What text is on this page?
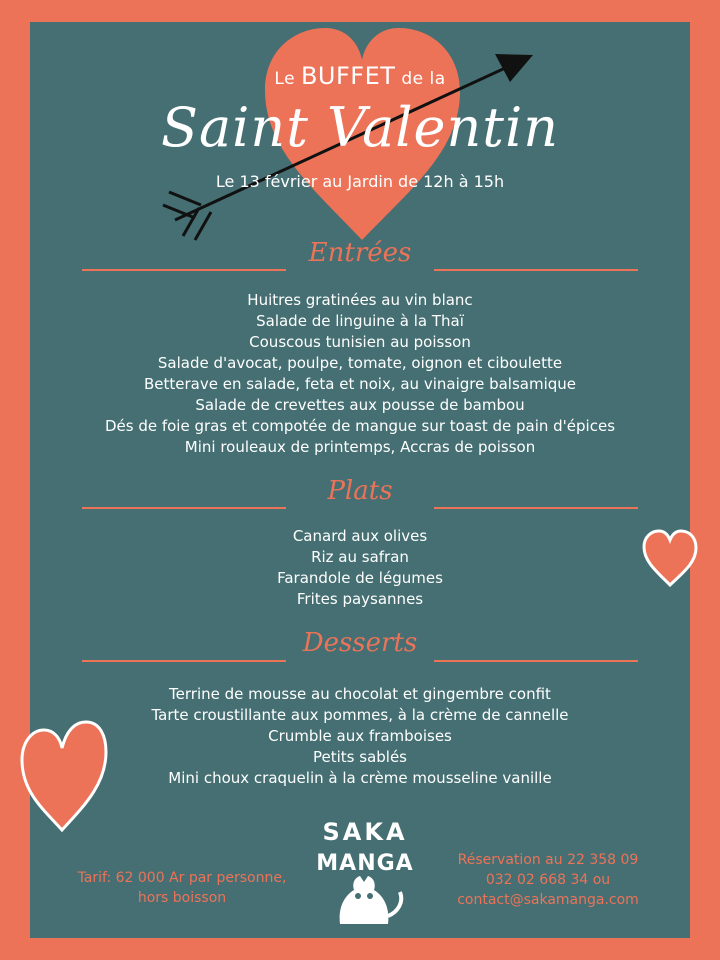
Le BUFFET de la
Saint Valentin
Le 13 février au Jardin de 12h à 15h
Entrées
Huitres gratinées au vin blanc
Salade de linguine à la Thaï
Couscous tunisien au poisson
Salade d'avocat, poulpe, tomate, oignon et ciboulette
Betterave en salade, feta et noix, au vinaigre balsamique
Salade de crevettes aux pousse de bambou
Dés de foie gras et compotée de mangue sur toast de pain d'épices
Mini rouleaux de printemps, Accras de poisson
Plats
Canard aux olives
Riz au safran
Farandole de légumes
Frites paysannes
Desserts
Terrine de mousse au chocolat et gingembre confit
Tarte croustillante aux pommes, à la crème de cannelle
Crumble aux framboises
Petits sablés
Mini choux craquelin à la crème mousseline vanille
Tarif: 62 000 Ar par personne,
hors boisson
Réservation au 22 358 09
032 02 668 34 ou
contact@sakamanga.com
SAKA
MANGA
